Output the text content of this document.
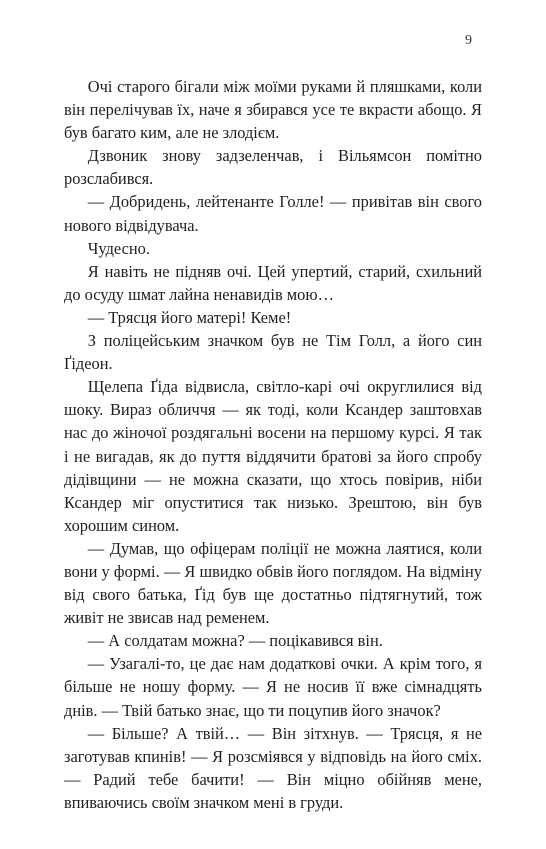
9

Очі старого бігали між моїми руками й пляшками, коли він перелічував їх, наче я збирався усе те вкрасти абощо. Я був багато ким, але не злодієм.

Дзвоник знову задзеленчав, і Вільямсон помітно розслабився.

— Добридень, лейтенанте Голле! — привітав він свого нового відвідувача.

Чудесно.

Я навіть не підняв очі. Цей упертий, старий, схильний до осуду шмат лайна ненавидів мою…

— Трясця його матері! Кеме!

З поліцейським значком був не Тім Голл, а його син Ґідеон.

Щелепа Ґіда відвисла, світло-карі очі округлилися від шоку. Вираз обличчя — як тоді, коли Ксандер заштовхав нас до жіночої роздягальні восени на першому курсі. Я так і не вигадав, як до пуття віддячити братові за його спробу дідівщини — не можна сказати, що хтось повірив, ніби Ксандер міг опуститися так низько. Зрештою, він був хорошим сином.

— Думав, що офіцерам поліції не можна лаятися, коли вони у формі. — Я швидко обвів його поглядом. На відміну від свого батька, Ґід був ще достатньо підтягнутий, тож живіт не звисав над ременем.

— А солдатам можна? — поцікавився він.

— Узагалі-то, це дає нам додаткові очки. А крім того, я більше не ношу форму. — Я не носив її вже сімнадцять днів. — Твій батько знає, що ти поцупив його значок?

— Більше? А твій… — Він зітхнув. — Трясця, я не заготував кпинів! — Я розсміявся у відповідь на його сміх. — Радий тебе бачити! — Він міцно обійняв мене, впиваючись своїм значком мені в груди.
